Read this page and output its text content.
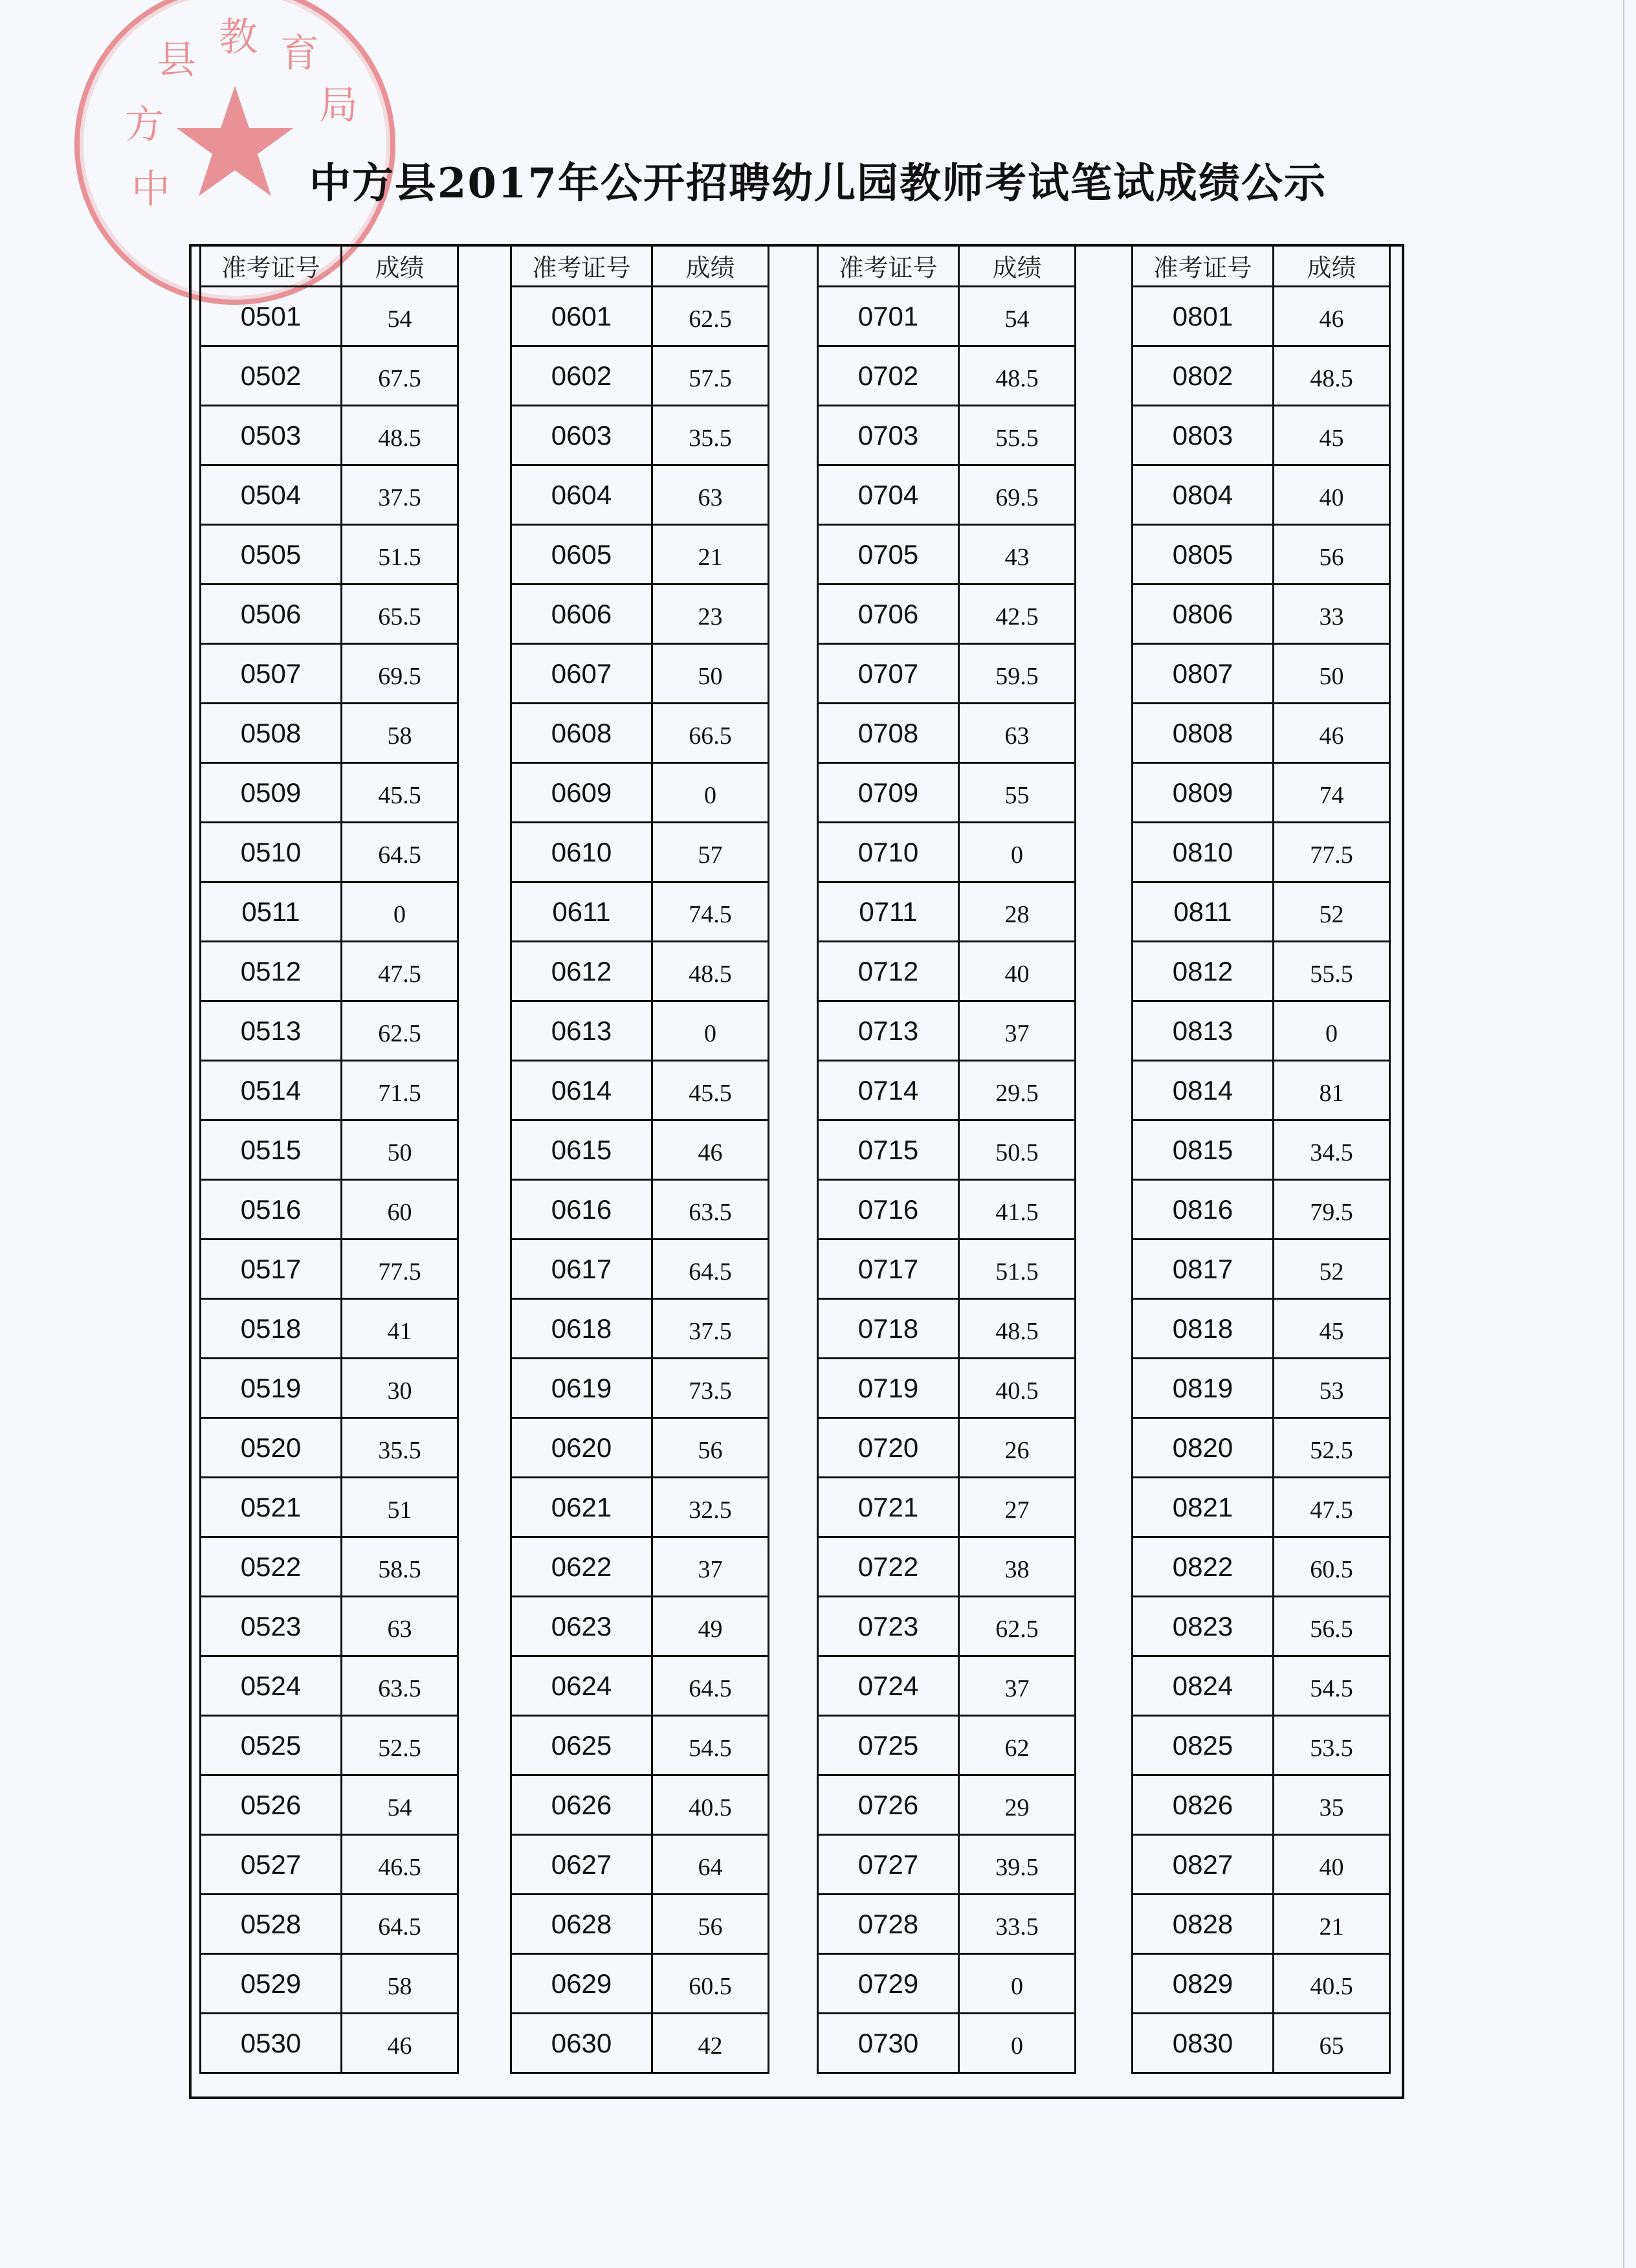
县 教 育
局
方
中	中方县2017年公开招聘幼儿园教师考试笔试成绩公示
准考证号	成绩
0501	54
0502	67.5
0503	48.5
0504	37.5
0505	51.5
0506	65.5
0507	69.5
0508	58
0509	45.5
0510	64.5
0511	0
0512	47.5
0513	62.5
0514	71.5
0515	50
0516	60
0517	77.5
0518	41
0519	30
0520	35.5
0521	51
0522	58.5
0523	63
0524	63.5
0525	52.5
0526	54
0527	46.5
0528	64.5
0529	58
0530	46
准考证号	成绩
0601	62.5
0602	57.5
0603	35.5
0604	63
0605	21
0606	23
0607	50
0608	66.5
0609	0
0610	57
0611	74.5
0612	48.5
0613	0
0614	45.5
0615	46
0616	63.5
0617	64.5
0618	37.5
0619	73.5
0620	56
0621	32.5
0622	37
0623	49
0624	64.5
0625	54.5
0626	40.5
0627	64
0628	56
0629	60.5
0630	42
准考证号	成绩
0701	54
0702	48.5
0703	55.5
0704	69.5
0705	43
0706	42.5
0707	59.5
0708	63
0709	55
0710	0
0711	28
0712	40
0713	37
0714	29.5
0715	50.5
0716	41.5
0717	51.5
0718	48.5
0719	40.5
0720	26
0721	27
0722	38
0723	62.5
0724	37
0725	62
0726	29
0727	39.5
0728	33.5
0729	0
0730	0
准考证号	成绩
0801	46
0802	48.5
0803	45
0804	40
0805	56
0806	33
0807	50
0808	46
0809	74
0810	77.5
0811	52
0812	55.5
0813	0
0814	81
0815	34.5
0816	79.5
0817	52
0818	45
0819	53
0820	52.5
0821	47.5
0822	60.5
0823	56.5
0824	54.5
0825	53.5
0826	35
0827	40
0828	21
0829	40.5
0830	65
